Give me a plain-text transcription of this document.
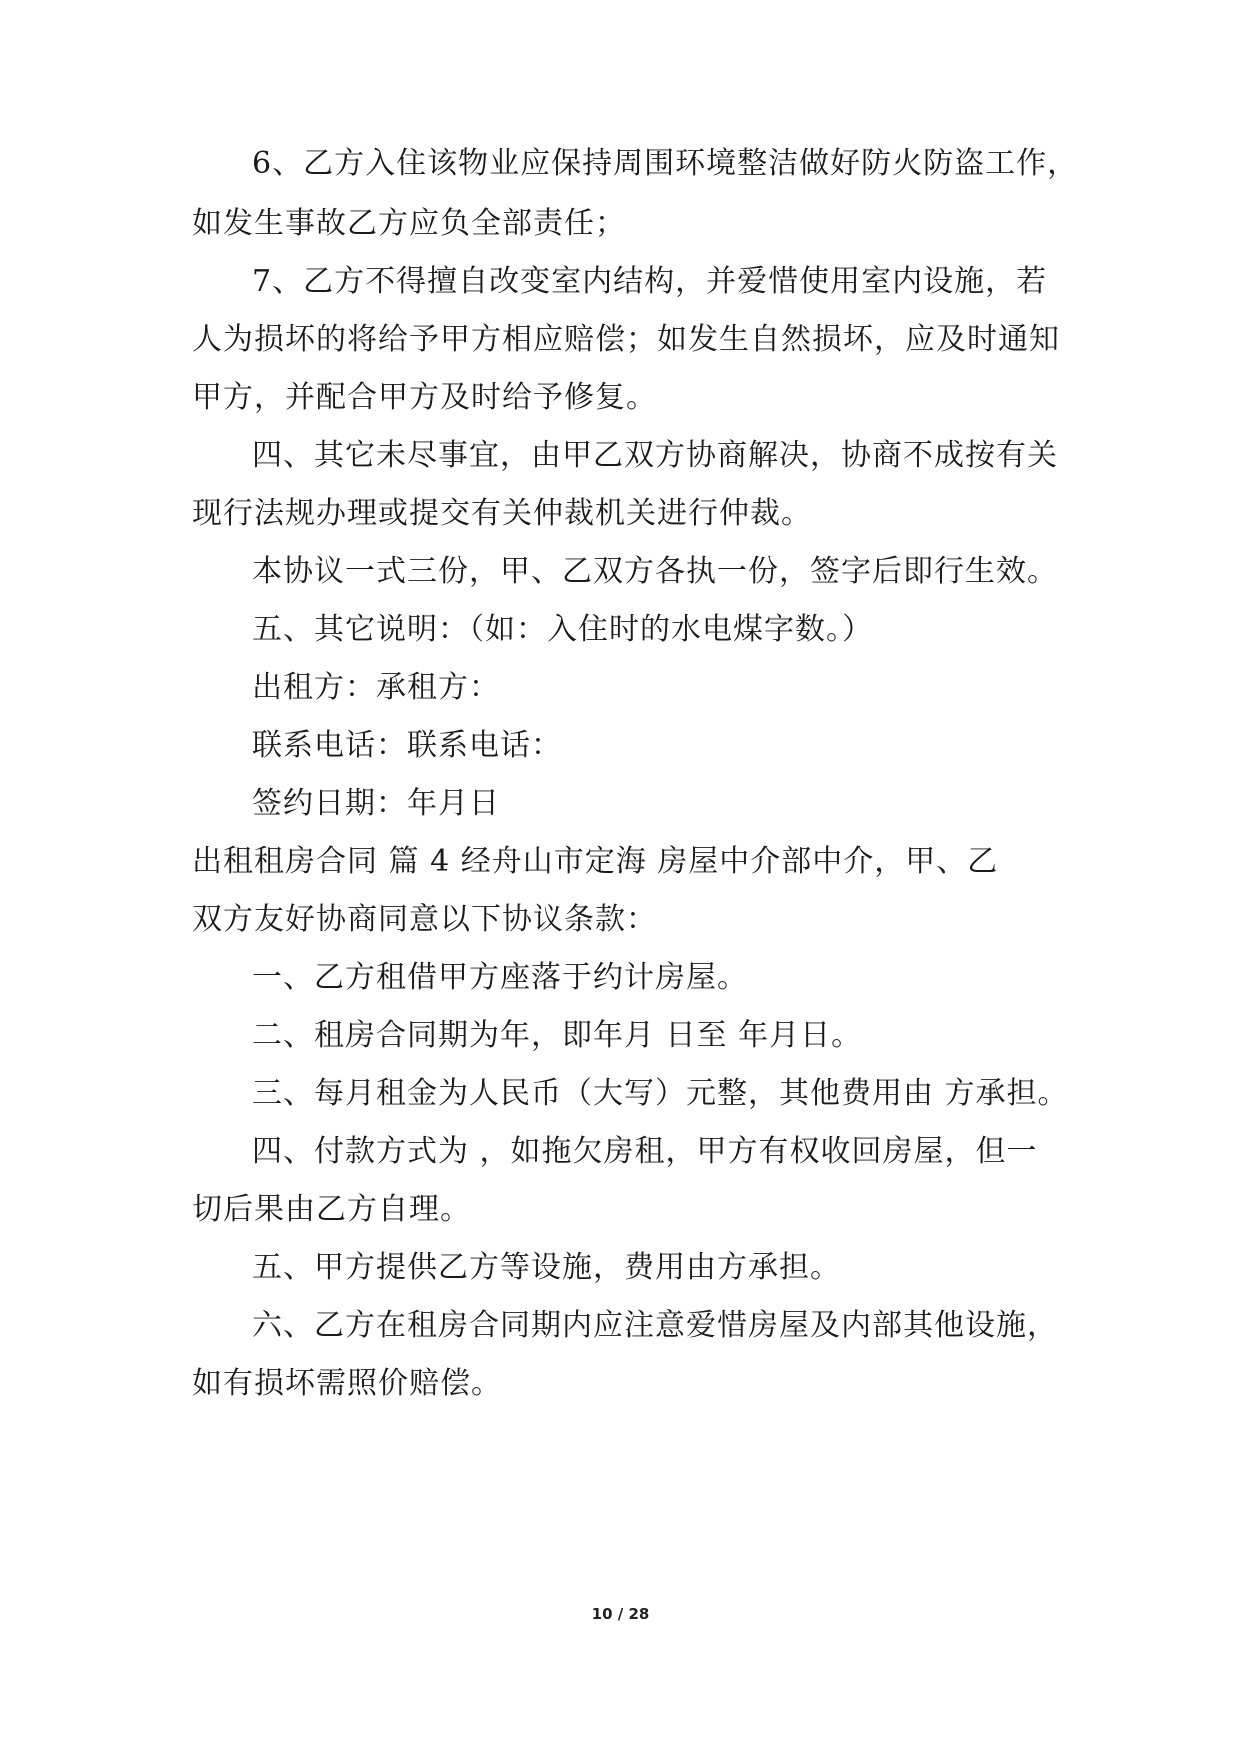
6、乙方入住该物业应保持周围环境整洁做好防火防盗工作，
如发生事故乙方应负全部责任；
7、乙方不得擅自改变室内结构，并爱惜使用室内设施，若
人为损坏的将给予甲方相应赔偿；如发生自然损坏，应及时通知
甲方，并配合甲方及时给予修复。
四、其它未尽事宜，由甲乙双方协商解决，协商不成按有关
现行法规办理或提交有关仲裁机关进行仲裁。
本协议一式三份，甲、乙双方各执一份，签字后即行生效。
五、其它说明：（如：入住时的水电煤字数。）
出租方：承租方：
联系电话：联系电话：
签约日期：年月日
出租租房合同 篇 4 经舟山市定海 房屋中介部中介，甲、乙
双方友好协商同意以下协议条款：
一、乙方租借甲方座落于约计房屋。
二、租房合同期为年，即年月 日至 年月日。
三、每月租金为人民币（大写）元整，其他费用由 方承担。
四、付款方式为 ，如拖欠房租，甲方有权收回房屋，但一
切后果由乙方自理。
五、甲方提供乙方等设施，费用由方承担。
六、乙方在租房合同期内应注意爱惜房屋及内部其他设施，
如有损坏需照价赔偿。
10 / 28
